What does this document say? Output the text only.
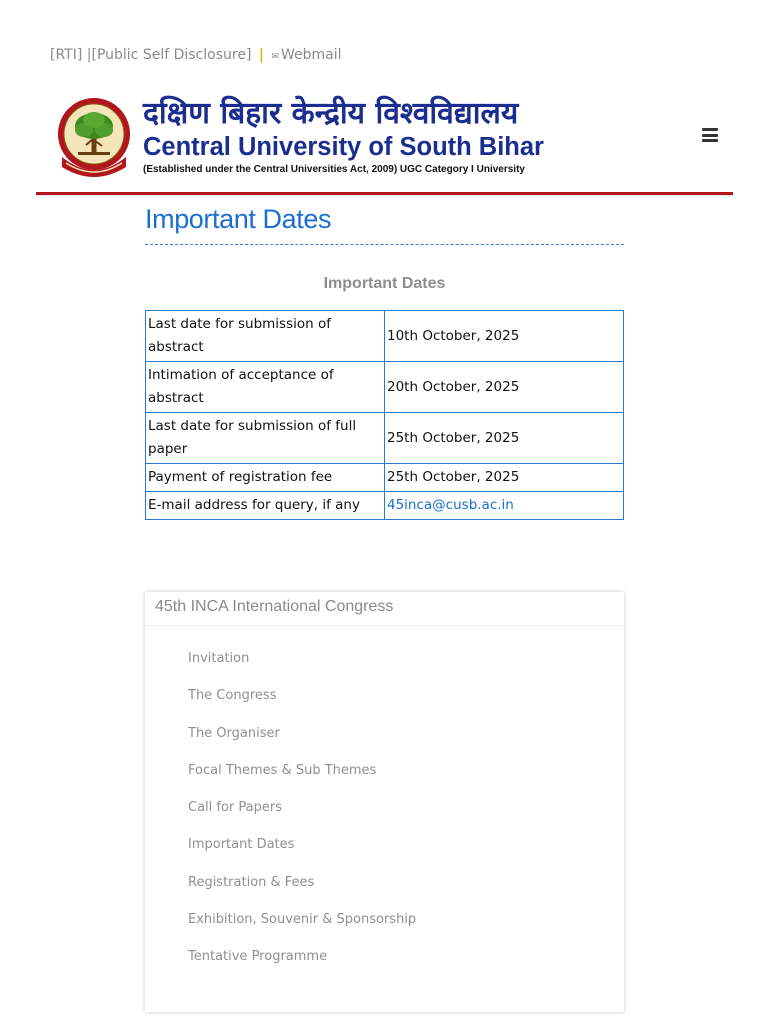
[RTI] |[Public Self Disclosure] | ✉ Webmail
दक्षिण बिहार केन्द्रीय विश्वविद्यालय
Central University of South Bihar
(Established under the Central Universities Act, 2009) UGC Category I University
Important Dates
Important Dates
Last date for submission of abstract	10th October, 2025
Intimation of acceptance of abstract	20th October, 2025
Last date for submission of full paper	25th October, 2025
Payment of registration fee	25th October, 2025
E-mail address for query, if any	45inca@cusb.ac.in
45th INCA International Congress
Invitation
The Congress
The Organiser
Focal Themes & Sub Themes
Call for Papers
Important Dates
Registration & Fees
Exhibition, Souvenir & Sponsorship
Tentative Programme
